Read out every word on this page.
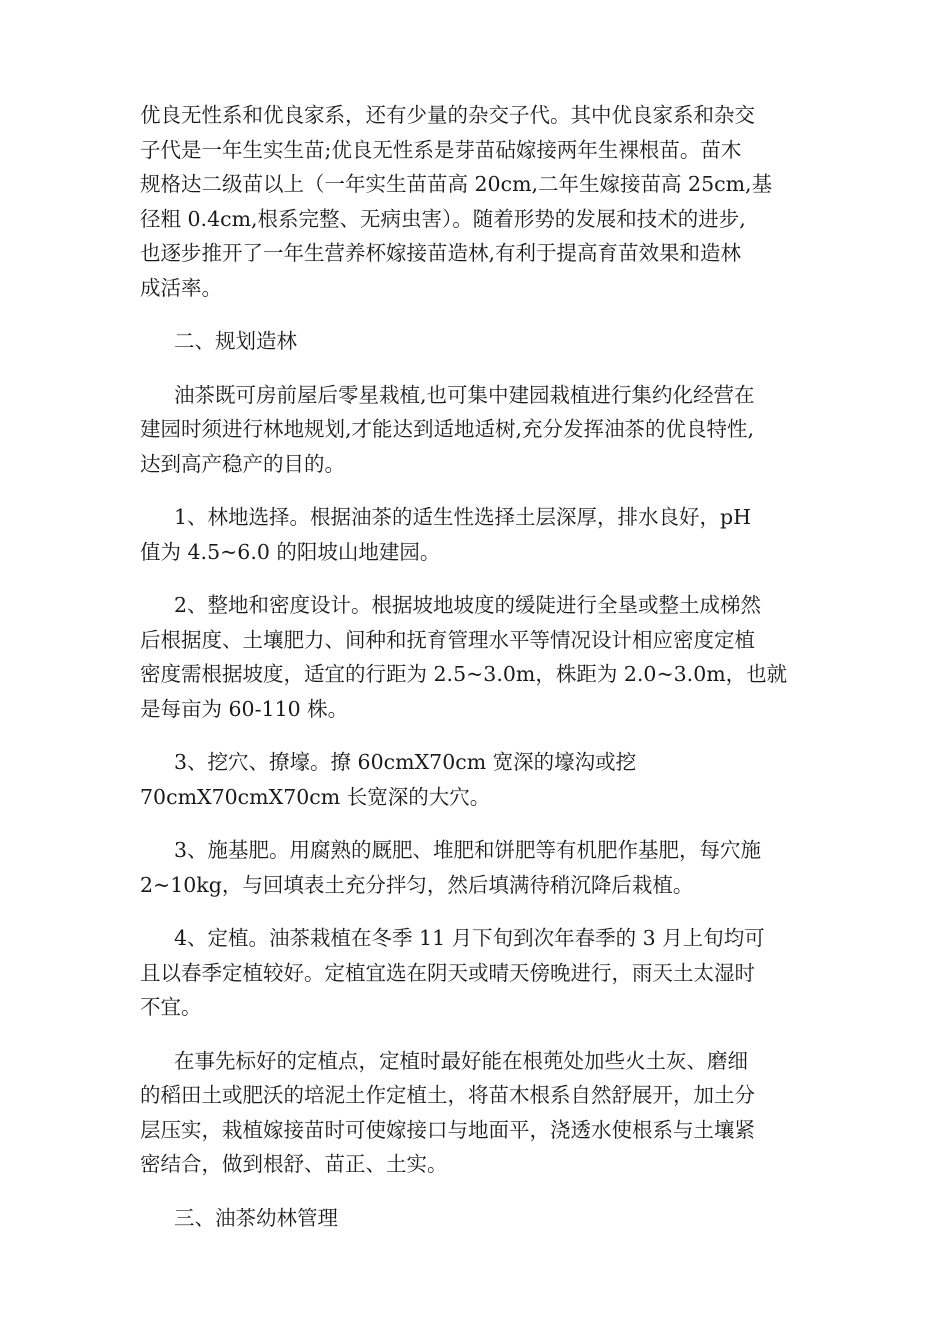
优良无性系和优良家系，还有少量的杂交子代。其中优良家系和杂交
子代是一年生实生苗;优良无性系是芽苗砧嫁接两年生裸根苗。苗木
规格达二级苗以上（一年实生苗苗高 20cm,二年生嫁接苗高 25cm,基
径粗 0.4cm,根系完整、无病虫害）。随着形势的发展和技术的进步,
也逐步推开了一年生营养杯嫁接苗造林,有利于提高育苗效果和造林
成活率。

二、规划造林

油茶既可房前屋后零星栽植,也可集中建园栽植进行集约化经营在
建园时须进行林地规划,才能达到适地适树,充分发挥油茶的优良特性,
达到高产稳产的目的。

1、林地选择。根据油茶的适生性选择土层深厚，排水良好，pH
值为 4.5~6.0 的阳坡山地建园。

2、整地和密度设计。根据坡地坡度的缓陡进行全垦或整土成梯然
后根据度、土壤肥力、间种和抚育管理水平等情况设计相应密度定植
密度需根据坡度，适宜的行距为 2.5~3.0m，株距为 2.0~3.0m，也就
是每亩为 60-110 株。

3、挖穴、撩壕。撩 60cmX70cm 宽深的壕沟或挖
70cmX70cmX70cm 长宽深的大穴。

3、施基肥。用腐熟的厩肥、堆肥和饼肥等有机肥作基肥，每穴施
2~10kg，与回填表土充分拌匀，然后填满待稍沉降后栽植。

4、定植。油茶栽植在冬季 11 月下旬到次年春季的 3 月上旬均可
且以春季定植较好。定植宜选在阴天或晴天傍晚进行，雨天土太湿时
不宜。

在事先标好的定植点，定植时最好能在根蔸处加些火土灰、磨细
的稻田土或肥沃的培泥土作定植土，将苗木根系自然舒展开，加土分
层压实，栽植嫁接苗时可使嫁接口与地面平，浇透水使根系与土壤紧
密结合，做到根舒、苗正、土实。

三、油茶幼林管理
